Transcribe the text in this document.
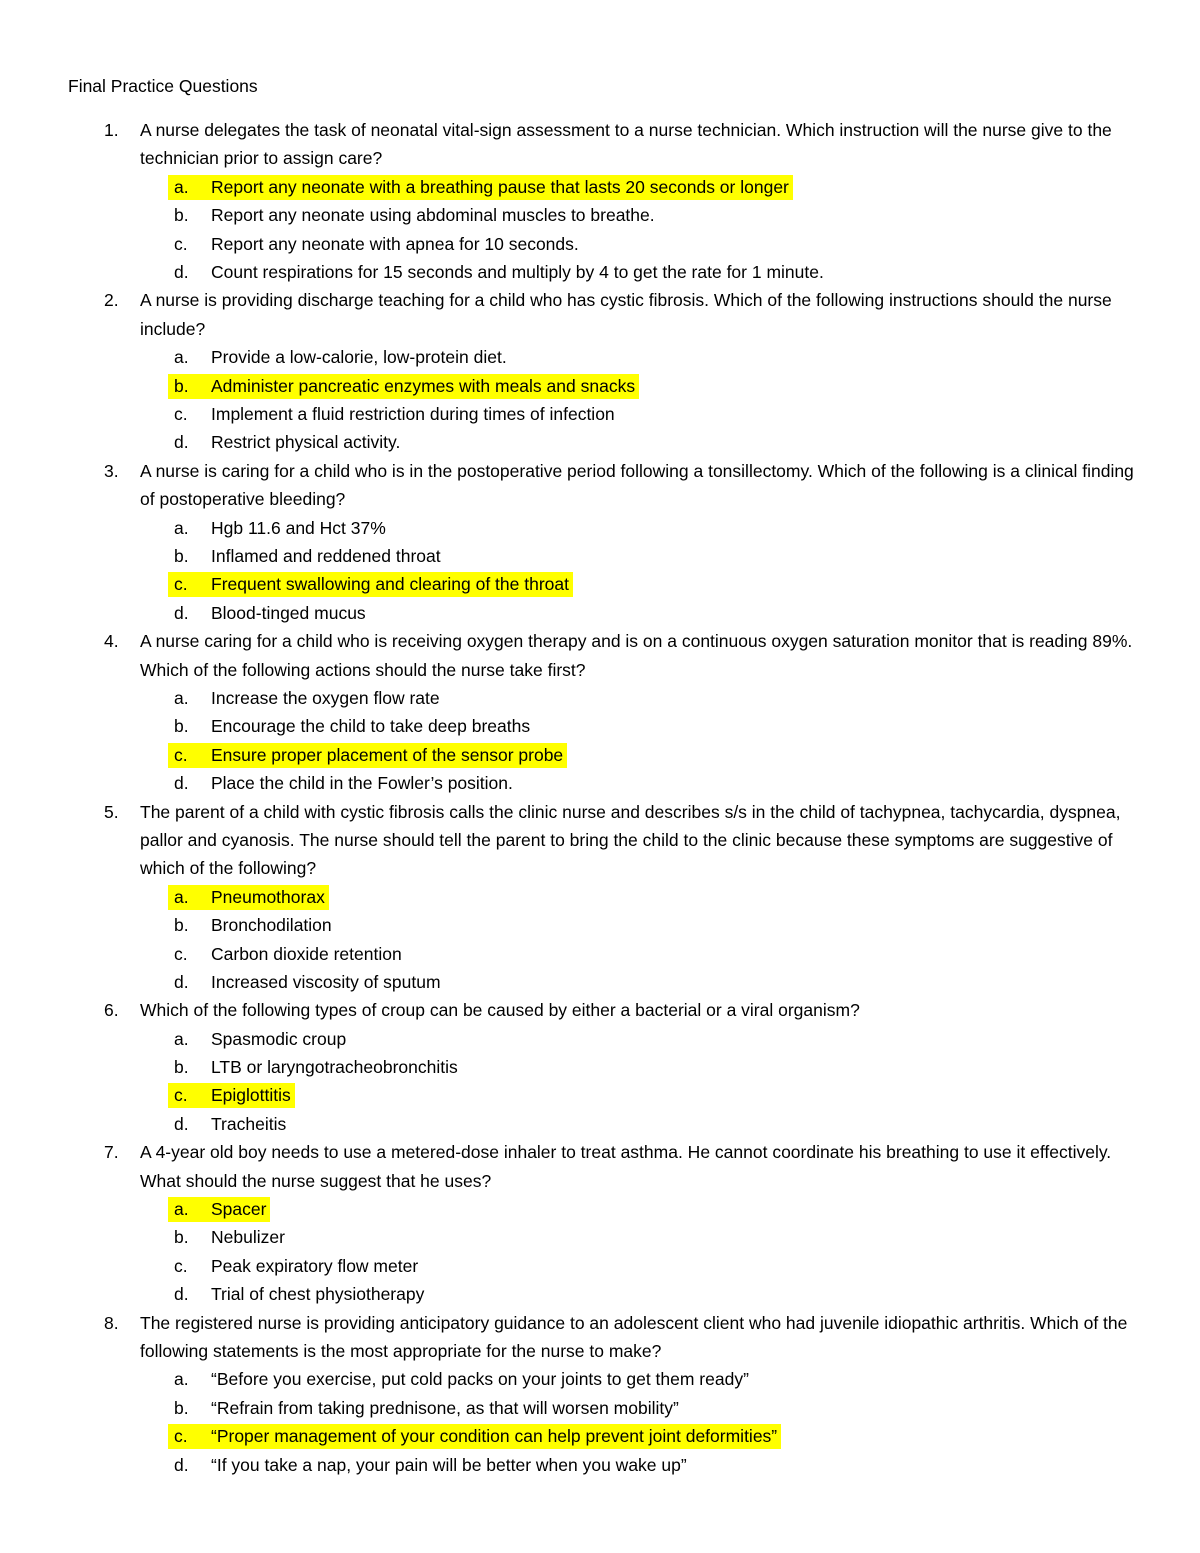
Final Practice Questions
1.	A nurse delegates the task of neonatal vital-sign assessment to a nurse technician. Which instruction will the nurse give to the technician prior to assign care?

a.	Report any neonate with a breathing pause that lasts 20 seconds or longer
b.	Report any neonate using abdominal muscles to breathe.
c.	Report any neonate with apnea for 10 seconds.
d.	Count respirations for 15 seconds and multiply by 4 to get the rate for 1 minute.
2.	A nurse is providing discharge teaching for a child who has cystic fibrosis. Which of the following instructions should the nurse include?

a.	Provide a low-calorie, low-protein diet.
b.	Administer pancreatic enzymes with meals and snacks
c.	Implement a fluid restriction during times of infection
d.	Restrict physical activity.
3.	A nurse is caring for a child who is in the postoperative period following a tonsillectomy. Which of the following is a clinical finding of postoperative bleeding?

a.	Hgb 11.6 and Hct 37%
b.	Inflamed and reddened throat
c.	Frequent swallowing and clearing of the throat
d.	Blood-tinged mucus
4.	A nurse caring for a child who is receiving oxygen therapy and is on a continuous oxygen saturation monitor that is reading 89%. Which of the following actions should the nurse take first?

a.	Increase the oxygen flow rate
b.	Encourage the child to take deep breaths
c.	Ensure proper placement of the sensor probe
d.	Place the child in the Fowler’s position.
5.	The parent of a child with cystic fibrosis calls the clinic nurse and describes s/s in the child of tachypnea, tachycardia, dyspnea, pallor and cyanosis. The nurse should tell the parent to bring the child to the clinic because these symptoms are suggestive of which of the following?

a.	Pneumothorax
b.	Bronchodilation
c.	Carbon dioxide retention
d.	Increased viscosity of sputum
6.	Which of the following types of croup can be caused by either a bacterial or a viral organism?

a.	Spasmodic croup
b.	LTB or laryngotracheobronchitis
c.	Epiglottitis
d.	Tracheitis
7.	A 4-year old boy needs to use a metered-dose inhaler to treat asthma. He cannot coordinate his breathing to use it effectively. What should the nurse suggest that he uses?

a.	Spacer
b.	Nebulizer
c.	Peak expiratory flow meter
d.	Trial of chest physiotherapy
8.	The registered nurse is providing anticipatory guidance to an adolescent client who had juvenile idiopathic arthritis. Which of the following statements is the most appropriate for the nurse to make?

a.	“Before you exercise, put cold packs on your joints to get them ready”
b.	“Refrain from taking prednisone, as that will worsen mobility”
c.	“Proper management of your condition can help prevent joint deformities”
d.	“If you take a nap, your pain will be better when you wake up”
